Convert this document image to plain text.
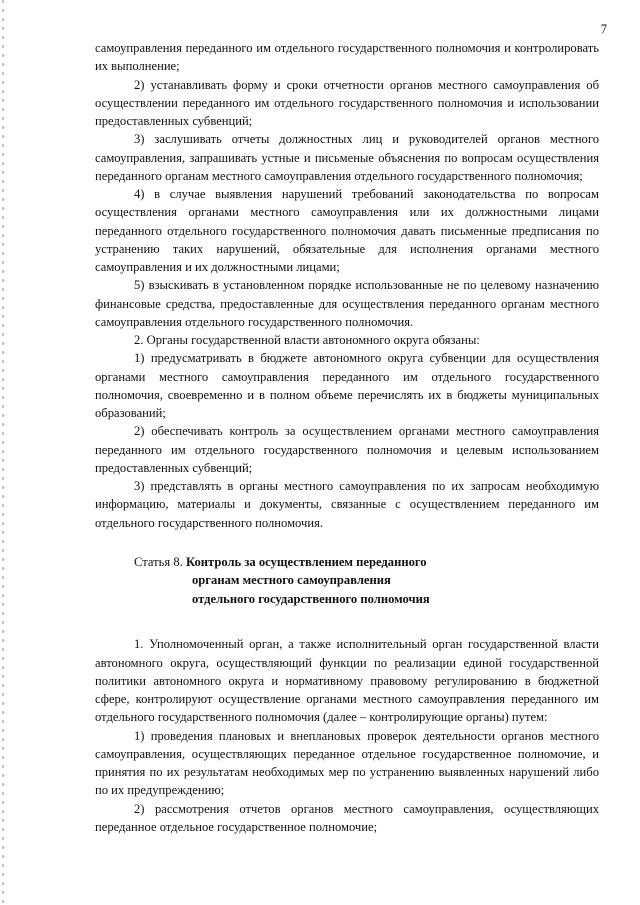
7

самоуправления переданного им отдельного государственного полномочия и контролировать их выполнение;

2) устанавливать форму и сроки отчетности органов местного самоуправления об осуществлении переданного им отдельного государственного полномочия и использовании предоставленных субвенций;

3) заслушивать отчеты должностных лиц и руководителей органов местного самоуправления, запрашивать устные и письменые объяснения по вопросам осуществления переданного органам местного самоуправления отдельного государственного полномочия;

4) в случае выявления нарушений требований законодательства по вопросам осуществления органами местного самоуправления или их должностными лицами переданного отдельного государственного полномочия давать письменные предписания по устранению таких нарушений, обязательные для исполнения органами местного самоуправления и их должностными лицами;

5) взыскивать в установленном порядке использованные не по целевому назначению финансовые средства, предоставленные для осуществления переданного органам местного самоуправления отдельного государственного полномочия.

2. Органы государственной власти автономного округа обязаны:

1) предусматривать в бюджете автономного округа субвенции для осуществления органами местного самоуправления переданного им отдельного государственного полномочия, своевременно и в полном объеме перечислять их в бюджеты муниципальных образований;

2) обеспечивать контроль за осуществлением органами местного самоуправления переданного им отдельного государственного полномочия и целевым использованием предоставленных субвенций;

3) представлять в органы местного самоуправления по их запросам необходимую информацию, материалы и документы, связанные с осуществлением переданного им отдельного государственного полномочия.

Статья 8. Контроль за осуществлением переданного
органам местного самоуправления
отдельного государственного полномочия

1. Уполномоченный орган, а также исполнительный орган государственной власти автономного округа, осуществляющий функции по реализации единой государственной политики автономного округа и нормативному правовому регулированию в бюджетной сфере, контролируют осуществление органами местного самоуправления переданного им отдельного государственного полномочия (далее – контролирующие органы) путем:

1) проведения плановых и внеплановых проверок деятельности органов местного самоуправления, осуществляющих переданное отдельное государственное полномочие, и принятия по их результатам необходимых мер по устранению выявленных нарушений либо по их предупреждению;

2) рассмотрения отчетов органов местного самоуправления, осуществляющих переданное отдельное государственное полномочие;
